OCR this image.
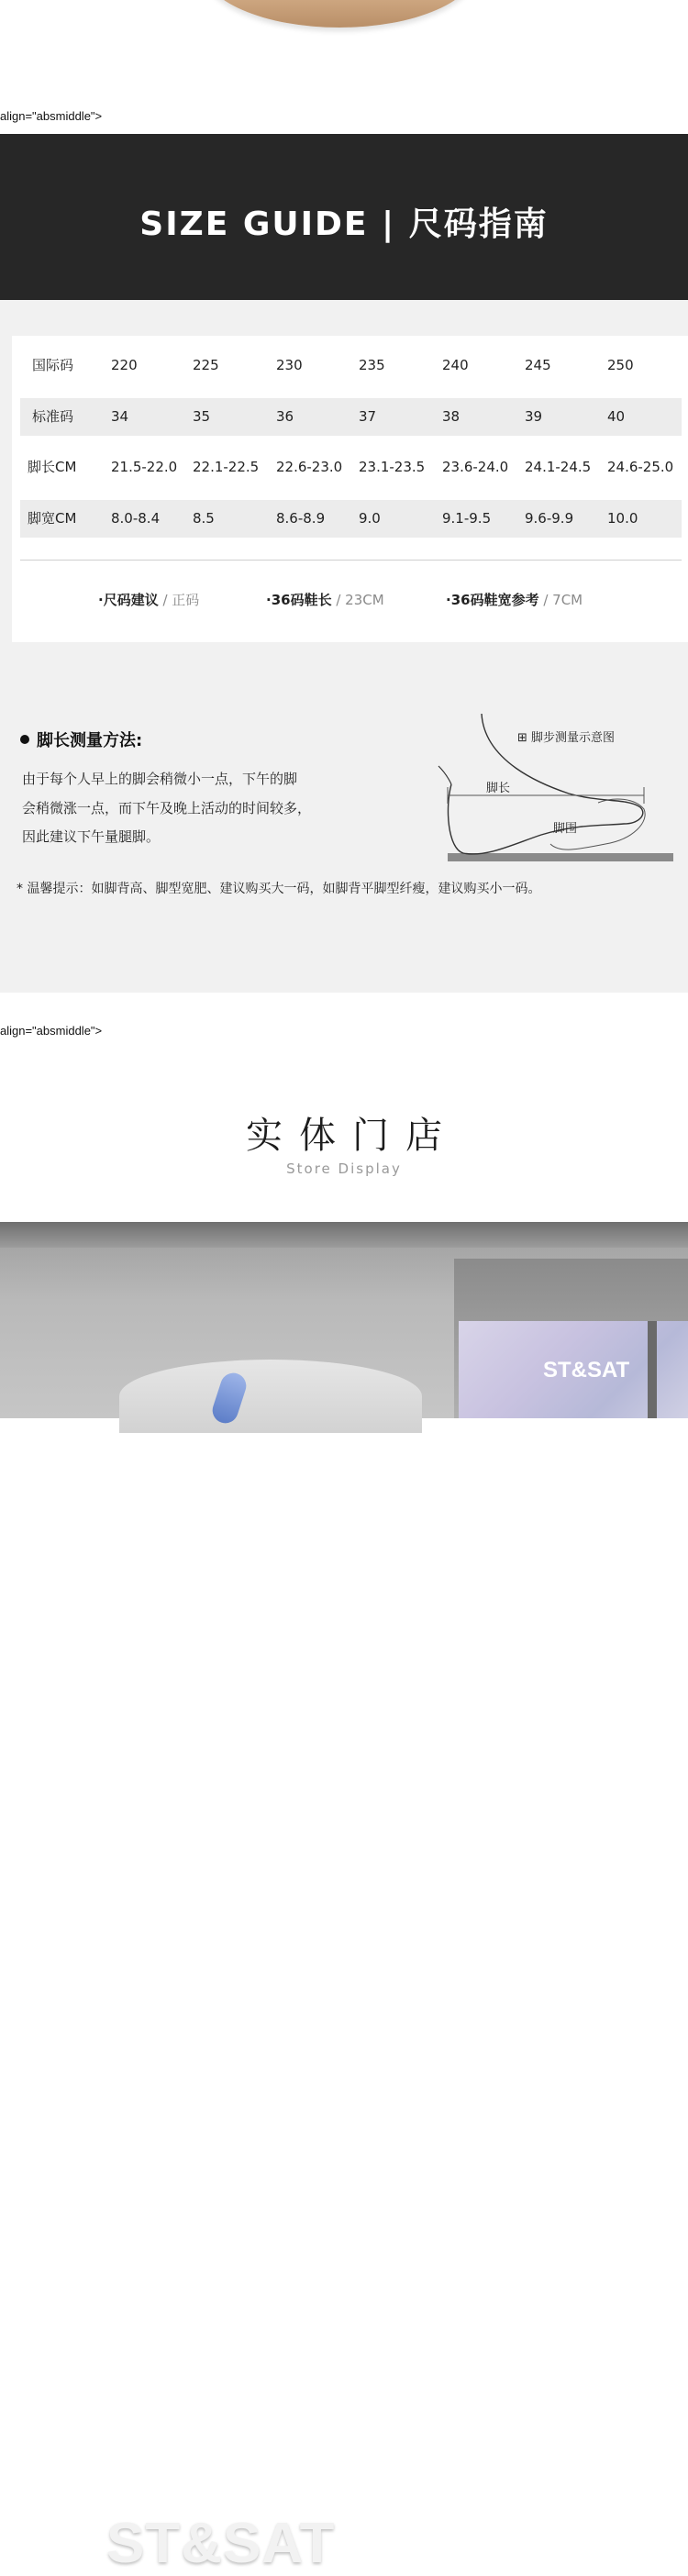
align="absmiddle">
SIZE GUIDE | 尺码指南
国际码	220	225	230	235	240	245	250
标准码	34	35	36	37	38	39	40
脚长CM	21.5-22.0 22.1-22.5 22.6-23.0 23.1-23.5 23.6-24.0 24.1-24.5 24.6-25.0
脚宽CM	8.0-8.4 8.5	8.6-8.9 9.0	9.1-9.5 9.6-9.9 10.0
·尺码建议 / 正码	·36码鞋长 / 23CM	·36码鞋宽参考 / 7CM
脚长测量方法:
由于每个人早上的脚会稍微小一点，下午的脚
会稍微涨一点，而下午及晚上活动的时间较多，
因此建议下午量腿脚。
⊞ 脚步测量示意图
脚长
脚围
* 温馨提示：如脚背高、脚型宽肥、建议购买大一码，如脚背平脚型纤瘦，建议购买小一码。
align="absmiddle">
实体门店
Store Display
ST&SAT
ST&SAT
